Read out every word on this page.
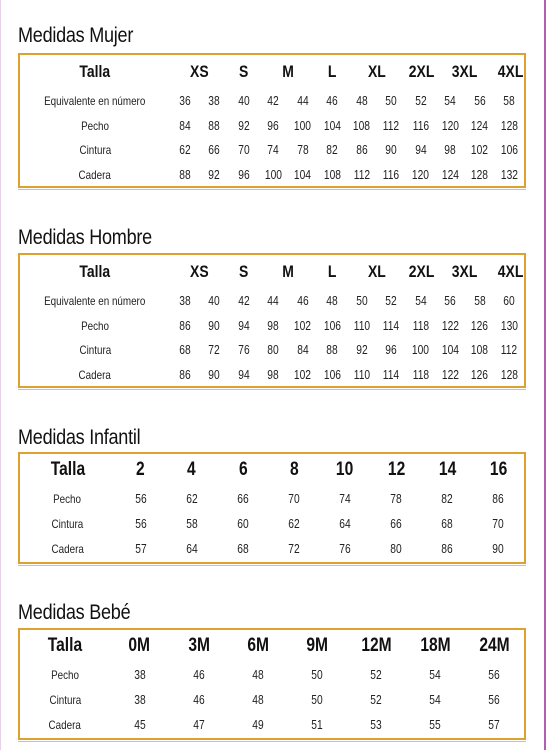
Medidas Mujer
Talla	XS		S	M		L	XL		2XL	3XL		4XL
Equivalente en número	36	38	40	42	44	46	48	50	52	54	56	58
Pecho	84	88	92	96	100	104	108	112	116	120	124	128
Cintura	62	66	70	74	78	82	86	90	94	98	102	106
Cadera	88	92	96	100	104	108	112	116	120	124	128	132
Medidas Hombre
Talla	XS		S	M		L	XL		2XL	3XL		4XL
Equivalente en número	38	40	42	44	46	48	50	52	54	56	58	60
Pecho	86	90	94	98	102	106	110	114	118	122	126	130
Cintura	68	72	76	80	84	88	92	96	100	104	108	112
Cadera	86	90	94	98	102	106	110	114	118	122	126	128
Medidas Infantil
Talla	2	4	6	8	10	12	14	16
Pecho	56	62	66	70	74	78	82	86
Cintura	56	58	60	62	64	66	68	70
Cadera	57	64	68	72	76	80	86	90
Medidas Bebé
Talla	0M	3M	6M	9M	12M	18M	24M
Pecho	38	46	48	50	52	54	56
Cintura	38	46	48	50	52	54	56
Cadera	45	47	49	51	53	55	57
